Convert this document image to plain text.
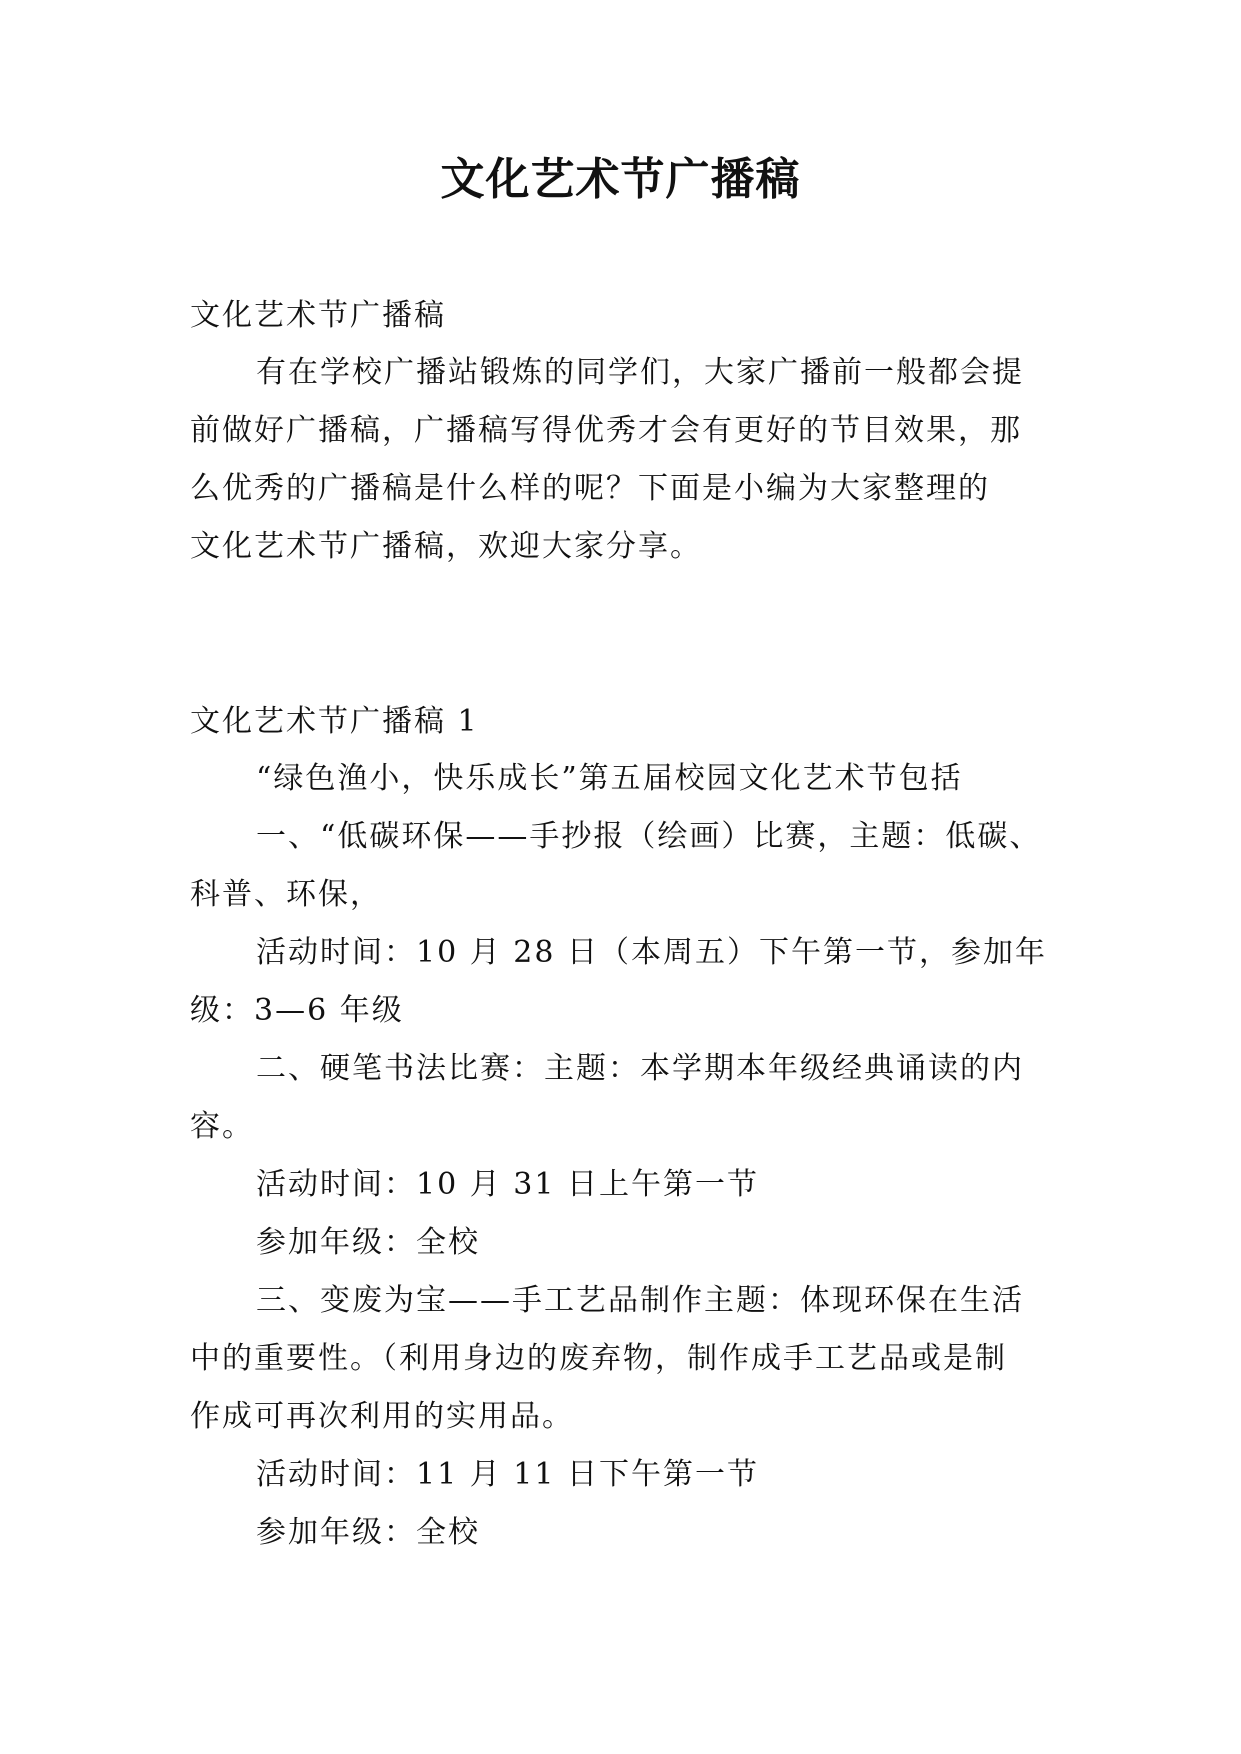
文化艺术节广播稿
文化艺术节广播稿
有在学校广播站锻炼的同学们，大家广播前一般都会提
前做好广播稿，广播稿写得优秀才会有更好的节目效果，那
么优秀的广播稿是什么样的呢？下面是小编为大家整理的
文化艺术节广播稿，欢迎大家分享。
文化艺术节广播稿 1
“绿色渔小，快乐成长”第五届校园文化艺术节包括
一、“低碳环保——手抄报（绘画）比赛，主题：低碳、
科普、环保，
活动时间：10 月 28 日（本周五）下午第一节，参加年
级：3—6 年级
二、硬笔书法比赛：主题：本学期本年级经典诵读的内
容。
活动时间：10 月 31 日上午第一节
参加年级：全校
三、变废为宝——手工艺品制作主题：体现环保在生活
中的重要性。（利用身边的废弃物，制作成手工艺品或是制
作成可再次利用的实用品。
活动时间：11 月 11 日下午第一节
参加年级：全校
